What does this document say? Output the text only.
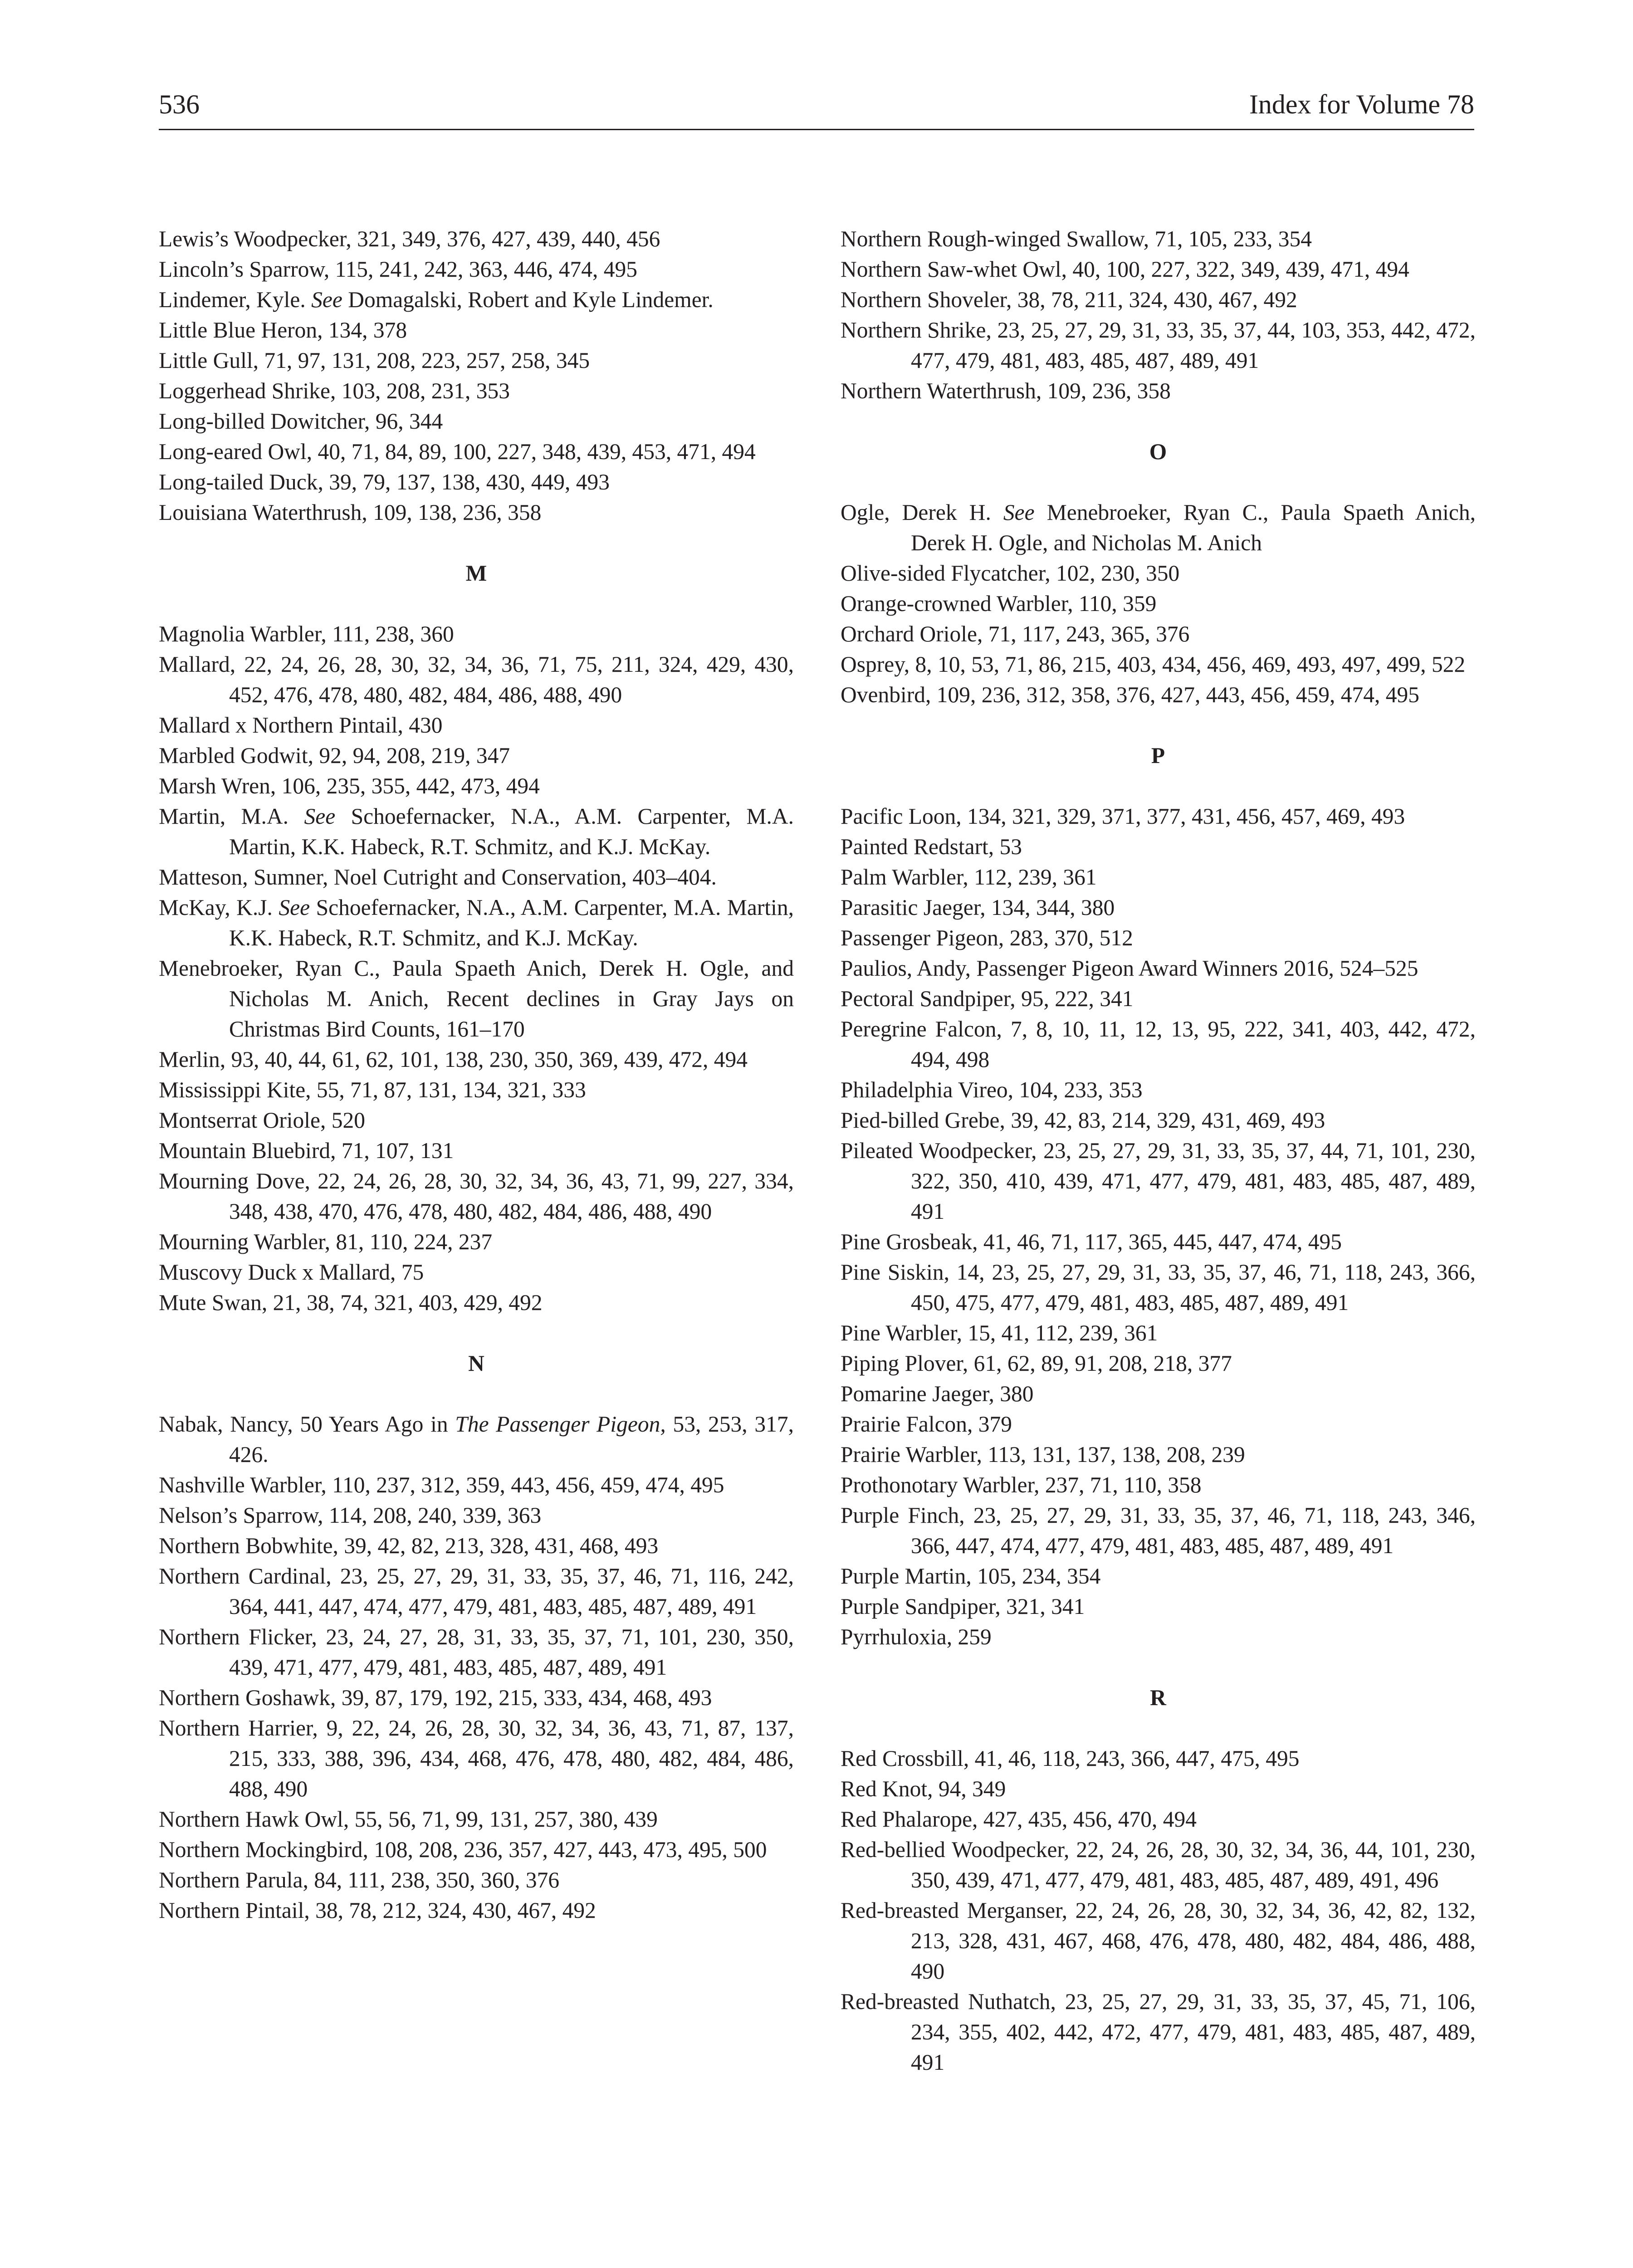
536	Index for Volume 78
Lewis’s Woodpecker, 321, 349, 376, 427, 439, 440, 456
Lincoln’s Sparrow, 115, 241, 242, 363, 446, 474, 495
Lindemer, Kyle. See Domagalski, Robert and Kyle Lindemer.
Little Blue Heron, 134, 378
Little Gull, 71, 97, 131, 208, 223, 257, 258, 345
Loggerhead Shrike, 103, 208, 231, 353
Long-billed Dowitcher, 96, 344
Long-eared Owl, 40, 71, 84, 89, 100, 227, 348, 439, 453, 471, 494
Long-tailed Duck, 39, 79, 137, 138, 430, 449, 493
Louisiana Waterthrush, 109, 138, 236, 358
M
Magnolia Warbler, 111, 238, 360
Mallard, 22, 24, 26, 28, 30, 32, 34, 36, 71, 75, 211, 324, 429, 430, 452, 476, 478, 480, 482, 484, 486, 488, 490
Mallard x Northern Pintail, 430
Marbled Godwit, 92, 94, 208, 219, 347
Marsh Wren, 106, 235, 355, 442, 473, 494
Martin, M.A. See Schoefernacker, N.A., A.M. Carpenter, M.A. Martin, K.K. Habeck, R.T. Schmitz, and K.J. McKay.
Matteson, Sumner, Noel Cutright and Conservation, 403–404.
McKay, K.J. See Schoefernacker, N.A., A.M. Carpenter, M.A. Martin, K.K. Habeck, R.T. Schmitz, and K.J. McKay.
Menebroeker, Ryan C., Paula Spaeth Anich, Derek H. Ogle, and Nicholas M. Anich, Recent declines in Gray Jays on Christmas Bird Counts, 161–170
Merlin, 93, 40, 44, 61, 62, 101, 138, 230, 350, 369, 439, 472, 494
Mississippi Kite, 55, 71, 87, 131, 134, 321, 333
Montserrat Oriole, 520
Mountain Bluebird, 71, 107, 131
Mourning Dove, 22, 24, 26, 28, 30, 32, 34, 36, 43, 71, 99, 227, 334, 348, 438, 470, 476, 478, 480, 482, 484, 486, 488, 490
Mourning Warbler, 81, 110, 224, 237
Muscovy Duck x Mallard, 75
Mute Swan, 21, 38, 74, 321, 403, 429, 492
N
Nabak, Nancy, 50 Years Ago in The Passenger Pigeon, 53, 253, 317, 426.
Nashville Warbler, 110, 237, 312, 359, 443, 456, 459, 474, 495
Nelson’s Sparrow, 114, 208, 240, 339, 363
Northern Bobwhite, 39, 42, 82, 213, 328, 431, 468, 493
Northern Cardinal, 23, 25, 27, 29, 31, 33, 35, 37, 46, 71, 116, 242, 364, 441, 447, 474, 477, 479, 481, 483, 485, 487, 489, 491
Northern Flicker, 23, 24, 27, 28, 31, 33, 35, 37, 71, 101, 230, 350, 439, 471, 477, 479, 481, 483, 485, 487, 489, 491
Northern Goshawk, 39, 87, 179, 192, 215, 333, 434, 468, 493
Northern Harrier, 9, 22, 24, 26, 28, 30, 32, 34, 36, 43, 71, 87, 137, 215, 333, 388, 396, 434, 468, 476, 478, 480, 482, 484, 486, 488, 490
Northern Hawk Owl, 55, 56, 71, 99, 131, 257, 380, 439
Northern Mockingbird, 108, 208, 236, 357, 427, 443, 473, 495, 500
Northern Parula, 84, 111, 238, 350, 360, 376
Northern Pintail, 38, 78, 212, 324, 430, 467, 492
Northern Rough-winged Swallow, 71, 105, 233, 354
Northern Saw-whet Owl, 40, 100, 227, 322, 349, 439, 471, 494
Northern Shoveler, 38, 78, 211, 324, 430, 467, 492
Northern Shrike, 23, 25, 27, 29, 31, 33, 35, 37, 44, 103, 353, 442, 472, 477, 479, 481, 483, 485, 487, 489, 491
Northern Waterthrush, 109, 236, 358
O
Ogle, Derek H. See Menebroeker, Ryan C., Paula Spaeth Anich, Derek H. Ogle, and Nicholas M. Anich
Olive-sided Flycatcher, 102, 230, 350
Orange-crowned Warbler, 110, 359
Orchard Oriole, 71, 117, 243, 365, 376
Osprey, 8, 10, 53, 71, 86, 215, 403, 434, 456, 469, 493, 497, 499, 522
Ovenbird, 109, 236, 312, 358, 376, 427, 443, 456, 459, 474, 495
P
Pacific Loon, 134, 321, 329, 371, 377, 431, 456, 457, 469, 493
Painted Redstart, 53
Palm Warbler, 112, 239, 361
Parasitic Jaeger, 134, 344, 380
Passenger Pigeon, 283, 370, 512
Paulios, Andy, Passenger Pigeon Award Winners 2016, 524–525
Pectoral Sandpiper, 95, 222, 341
Peregrine Falcon, 7, 8, 10, 11, 12, 13, 95, 222, 341, 403, 442, 472, 494, 498
Philadelphia Vireo, 104, 233, 353
Pied-billed Grebe, 39, 42, 83, 214, 329, 431, 469, 493
Pileated Woodpecker, 23, 25, 27, 29, 31, 33, 35, 37, 44, 71, 101, 230, 322, 350, 410, 439, 471, 477, 479, 481, 483, 485, 487, 489, 491
Pine Grosbeak, 41, 46, 71, 117, 365, 445, 447, 474, 495
Pine Siskin, 14, 23, 25, 27, 29, 31, 33, 35, 37, 46, 71, 118, 243, 366, 450, 475, 477, 479, 481, 483, 485, 487, 489, 491
Pine Warbler, 15, 41, 112, 239, 361
Piping Plover, 61, 62, 89, 91, 208, 218, 377
Pomarine Jaeger, 380
Prairie Falcon, 379
Prairie Warbler, 113, 131, 137, 138, 208, 239
Prothonotary Warbler, 237, 71, 110, 358
Purple Finch, 23, 25, 27, 29, 31, 33, 35, 37, 46, 71, 118, 243, 346, 366, 447, 474, 477, 479, 481, 483, 485, 487, 489, 491
Purple Martin, 105, 234, 354
Purple Sandpiper, 321, 341
Pyrrhuloxia, 259
R
Red Crossbill, 41, 46, 118, 243, 366, 447, 475, 495
Red Knot, 94, 349
Red Phalarope, 427, 435, 456, 470, 494
Red-bellied Woodpecker, 22, 24, 26, 28, 30, 32, 34, 36, 44, 101, 230, 350, 439, 471, 477, 479, 481, 483, 485, 487, 489, 491, 496
Red-breasted Merganser, 22, 24, 26, 28, 30, 32, 34, 36, 42, 82, 132, 213, 328, 431, 467, 468, 476, 478, 480, 482, 484, 486, 488, 490
Red-breasted Nuthatch, 23, 25, 27, 29, 31, 33, 35, 37, 45, 71, 106, 234, 355, 402, 442, 472, 477, 479, 481, 483, 485, 487, 489, 491
